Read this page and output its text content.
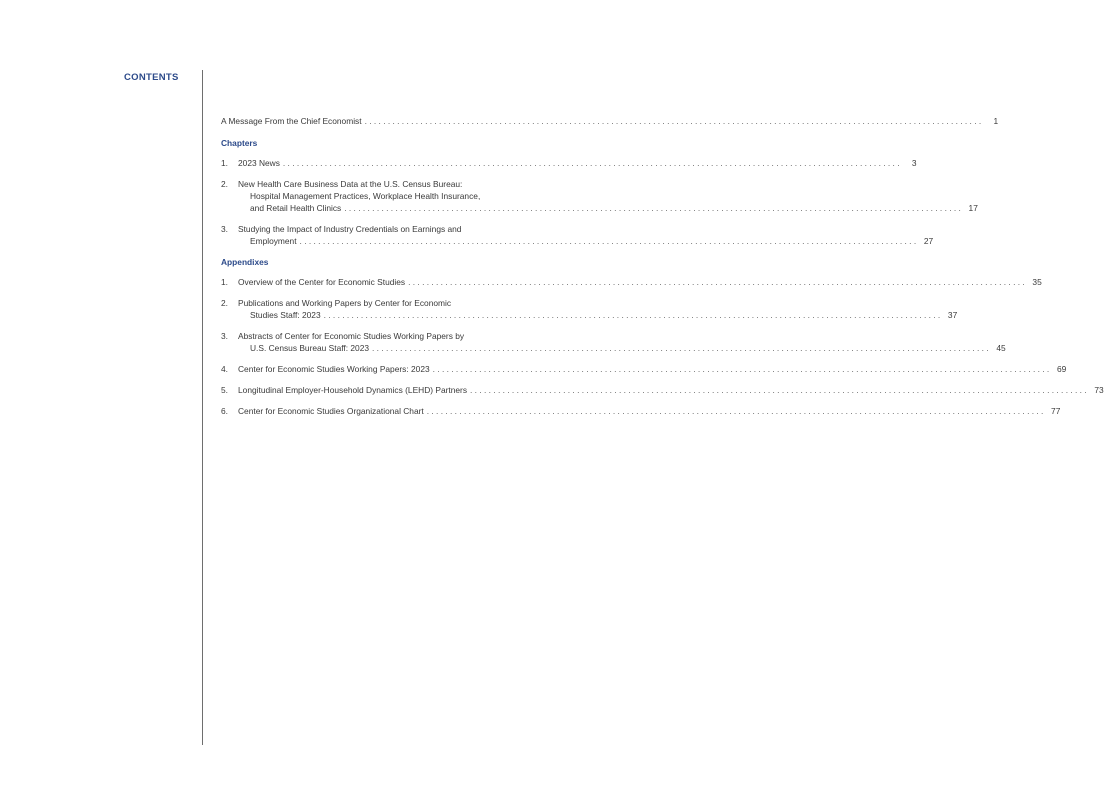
CONTENTS
A Message From the Chief Economist . . .	1
Chapters
1.	2023 News . . .	3
2.	New Health Care Business Data at the U.S. Census Bureau:
Hospital Management Practices, Workplace Health Insurance,
and Retail Health Clinics . . .	17
3.	Studying the Impact of Industry Credentials on Earnings and
Employment . . .	27
Appendixes
1.	Overview of the Center for Economic Studies . . .	35
2.	Publications and Working Papers by Center for Economic
Studies Staff: 2023 . . .	37
3.	Abstracts of Center for Economic Studies Working Papers by
U.S. Census Bureau Staff: 2023 . . .	45
4.	Center for Economic Studies Working Papers: 2023 . . .	69
5.	Longitudinal Employer-Household Dynamics (LEHD) Partners . . .	73
6.	Center for Economic Studies Organizational Chart . . .	77
